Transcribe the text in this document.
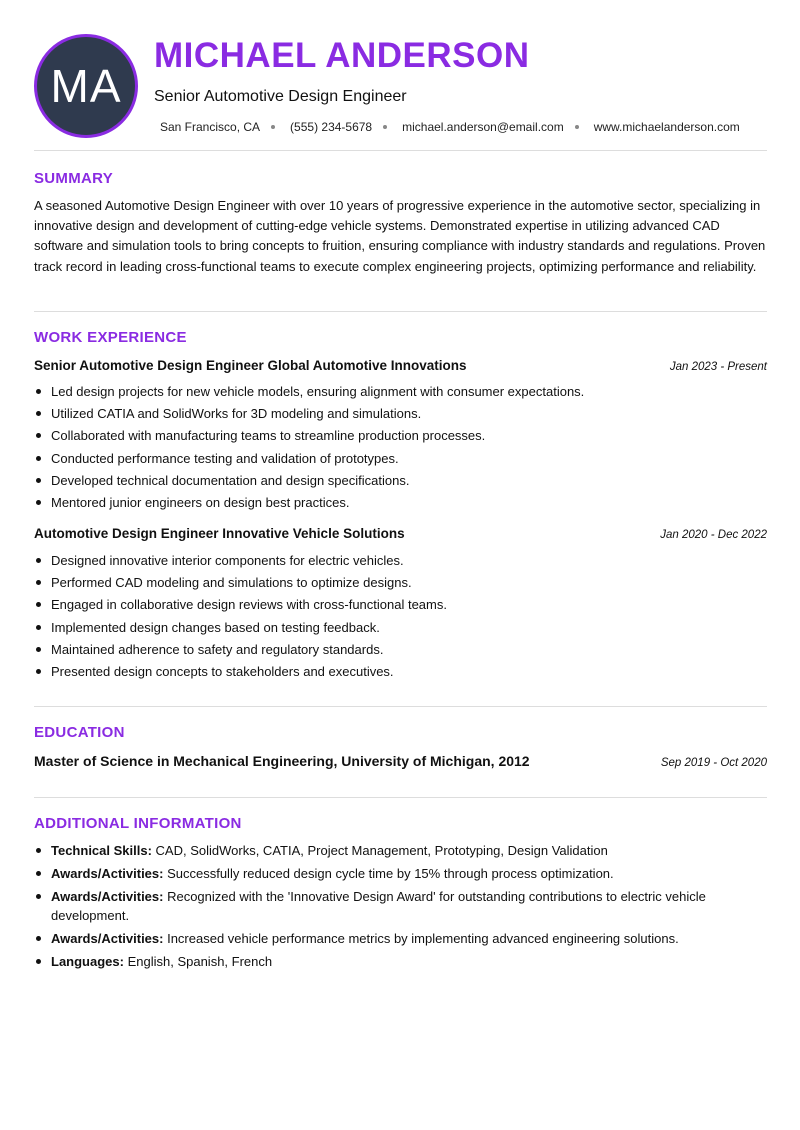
MA
MICHAEL ANDERSON
Senior Automotive Design Engineer
San Francisco, CA	(555) 234-5678	michael.anderson@email.com	www.michaelanderson.com
SUMMARY
A seasoned Automotive Design Engineer with over 10 years of progressive experience in the automotive sector, specializing in innovative design and development of cutting-edge vehicle systems. Demonstrated expertise in utilizing advanced CAD software and simulation tools to bring concepts to fruition, ensuring compliance with industry standards and regulations. Proven track record in leading cross-functional teams to execute complex engineering projects, optimizing performance and reliability.
WORK EXPERIENCE
Senior Automotive Design Engineer Global Automotive Innovations	Jan 2023 - Present
Led design projects for new vehicle models, ensuring alignment with consumer expectations.
Utilized CATIA and SolidWorks for 3D modeling and simulations.
Collaborated with manufacturing teams to streamline production processes.
Conducted performance testing and validation of prototypes.
Developed technical documentation and design specifications.
Mentored junior engineers on design best practices.
Automotive Design Engineer Innovative Vehicle Solutions	Jan 2020 - Dec 2022
Designed innovative interior components for electric vehicles.
Performed CAD modeling and simulations to optimize designs.
Engaged in collaborative design reviews with cross-functional teams.
Implemented design changes based on testing feedback.
Maintained adherence to safety and regulatory standards.
Presented design concepts to stakeholders and executives.
EDUCATION
Master of Science in Mechanical Engineering, University of Michigan, 2012	Sep 2019 - Oct 2020
ADDITIONAL INFORMATION
Technical Skills: CAD, SolidWorks, CATIA, Project Management, Prototyping, Design Validation
Awards/Activities: Successfully reduced design cycle time by 15% through process optimization.
Awards/Activities: Recognized with the 'Innovative Design Award' for outstanding contributions to electric vehicle development.
Awards/Activities: Increased vehicle performance metrics by implementing advanced engineering solutions.
Languages: English, Spanish, French
